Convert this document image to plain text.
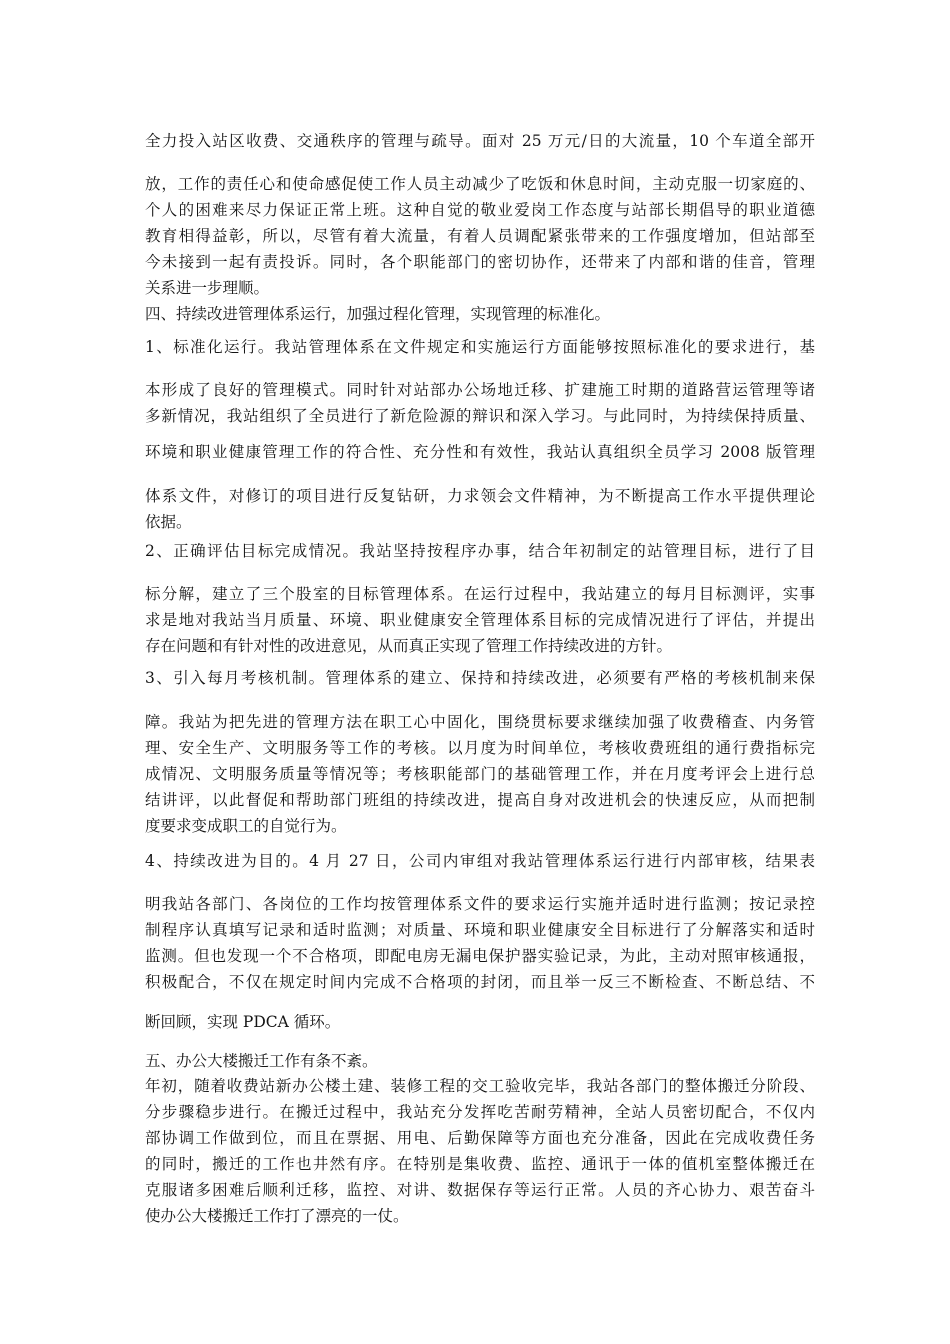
全力投入站区收费、交通秩序的管理与疏导。面对 25 万元/日的大流量，10 个车道全部开
放，工作的责任心和使命感促使工作人员主动减少了吃饭和休息时间，主动克服一切家庭的、
个人的困难来尽力保证正常上班。这种自觉的敬业爱岗工作态度与站部长期倡导的职业道德
教育相得益彰，所以，尽管有着大流量，有着人员调配紧张带来的工作强度增加，但站部至
今未接到一起有责投诉。同时，各个职能部门的密切协作，还带来了内部和谐的佳音，管理
关系进一步理顺。
四、持续改进管理体系运行，加强过程化管理，实现管理的标准化。
1、标准化运行。我站管理体系在文件规定和实施运行方面能够按照标准化的要求进行，基
本形成了良好的管理模式。同时针对站部办公场地迁移、扩建施工时期的道路营运管理等诸
多新情况，我站组织了全员进行了新危险源的辩识和深入学习。与此同时，为持续保持质量、
环境和职业健康管理工作的符合性、充分性和有效性，我站认真组织全员学习 2008 版管理
体系文件，对修订的项目进行反复钻研，力求领会文件精神，为不断提高工作水平提供理论
依据。
2、正确评估目标完成情况。我站坚持按程序办事，结合年初制定的站管理目标，进行了目
标分解，建立了三个股室的目标管理体系。在运行过程中，我站建立的每月目标测评，实事
求是地对我站当月质量、环境、职业健康安全管理体系目标的完成情况进行了评估，并提出
存在问题和有针对性的改进意见，从而真正实现了管理工作持续改进的方针。
3、引入每月考核机制。管理体系的建立、保持和持续改进，必须要有严格的考核机制来保
障。我站为把先进的管理方法在职工心中固化，围绕贯标要求继续加强了收费稽查、内务管
理、安全生产、文明服务等工作的考核。以月度为时间单位，考核收费班组的通行费指标完
成情况、文明服务质量等情况等；考核职能部门的基础管理工作，并在月度考评会上进行总
结讲评，以此督促和帮助部门班组的持续改进，提高自身对改进机会的快速反应，从而把制
度要求变成职工的自觉行为。
4、持续改进为目的。4 月 27 日，公司内审组对我站管理体系运行进行内部审核，结果表
明我站各部门、各岗位的工作均按管理体系文件的要求运行实施并适时进行监测；按记录控
制程序认真填写记录和适时监测；对质量、环境和职业健康安全目标进行了分解落实和适时
监测。但也发现一个不合格项，即配电房无漏电保护器实验记录，为此，主动对照审核通报，
积极配合，不仅在规定时间内完成不合格项的封闭，而且举一反三不断检查、不断总结、不
断回顾，实现 PDCA 循环。
五、办公大楼搬迁工作有条不紊。
年初，随着收费站新办公楼土建、装修工程的交工验收完毕，我站各部门的整体搬迁分阶段、
分步骤稳步进行。在搬迁过程中，我站充分发挥吃苦耐劳精神，全站人员密切配合，不仅内
部协调工作做到位，而且在票据、用电、后勤保障等方面也充分准备，因此在完成收费任务
的同时，搬迁的工作也井然有序。在特别是集收费、监控、通讯于一体的值机室整体搬迁在
克服诸多困难后顺利迁移，监控、对讲、数据保存等运行正常。人员的齐心协力、艰苦奋斗
使办公大楼搬迁工作打了漂亮的一仗。
